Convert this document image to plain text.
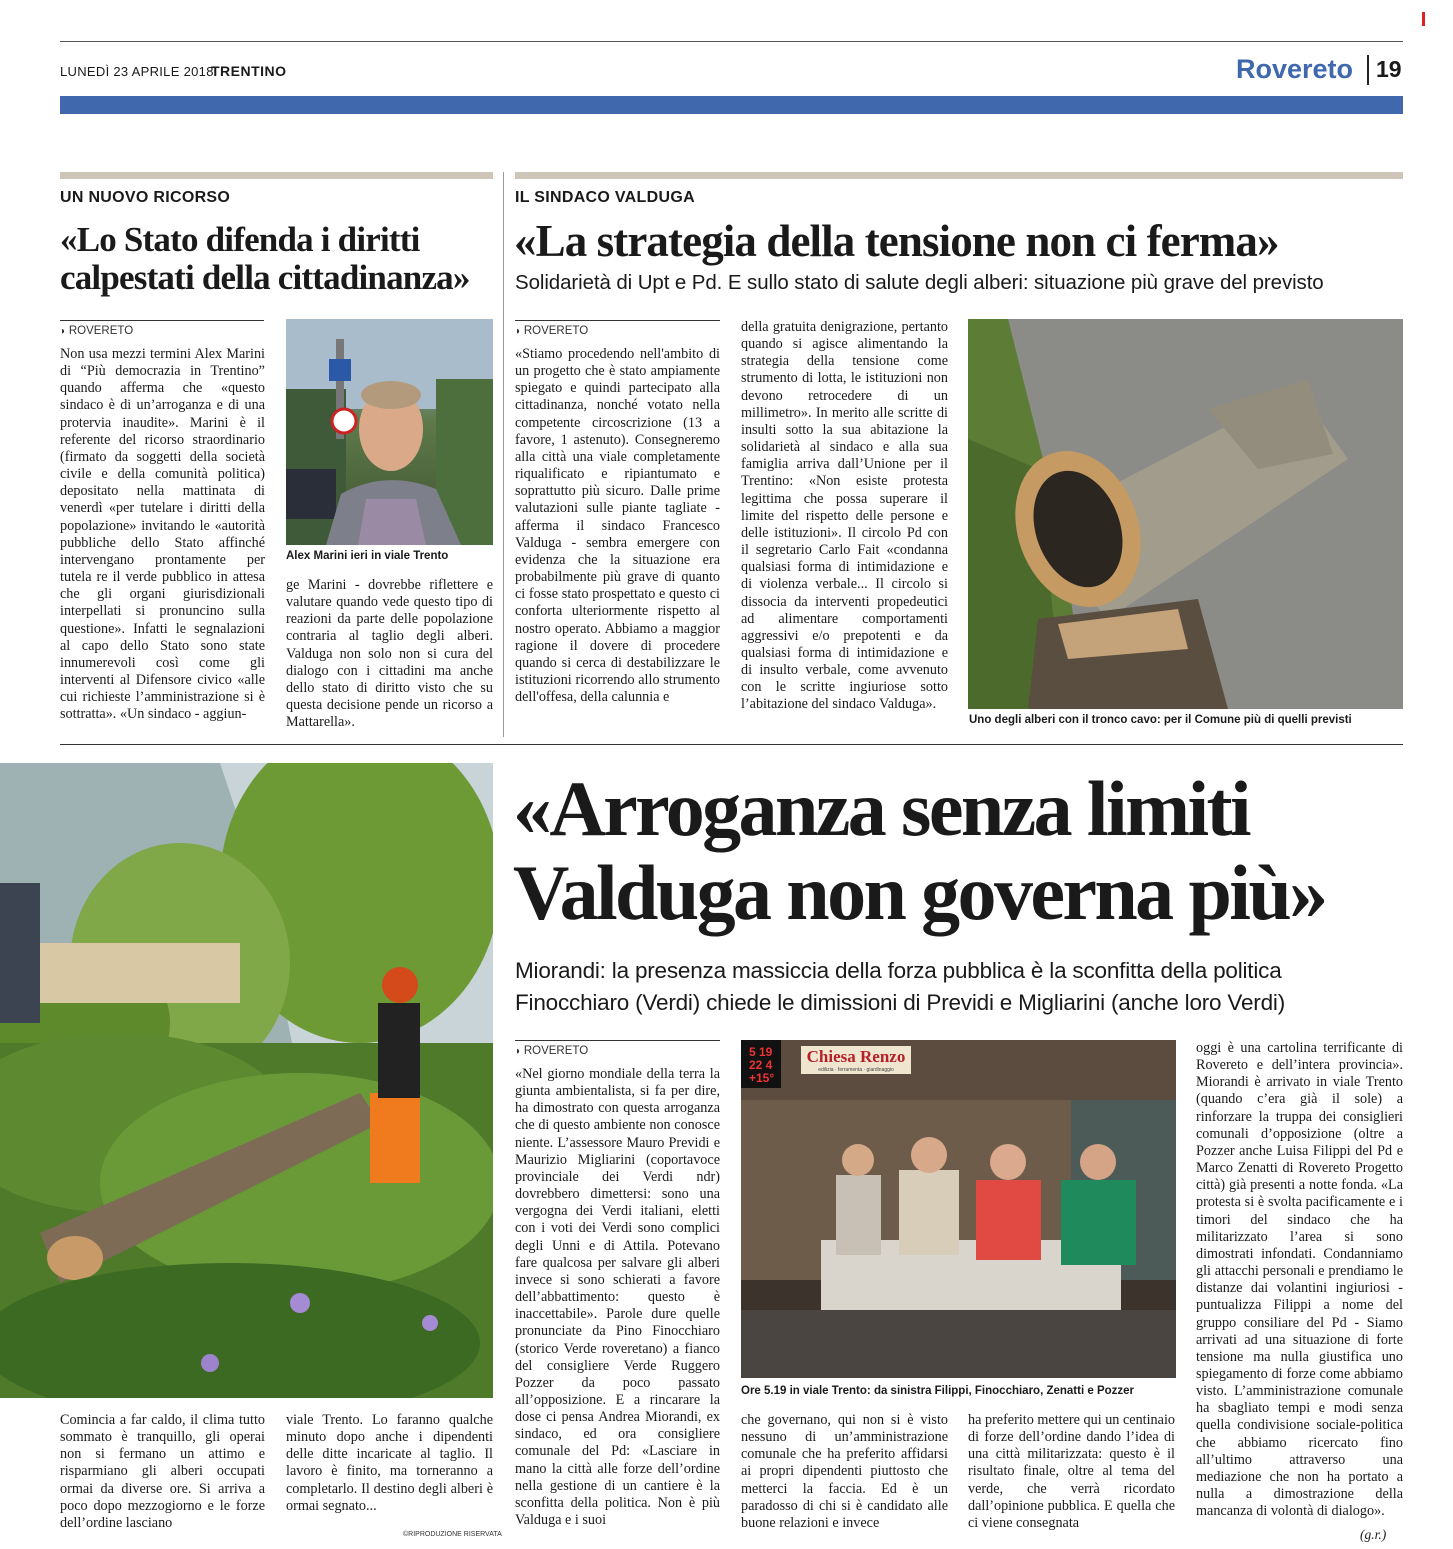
LUNEDÌ 23 APRILE 2018
TRENTINO	Rovereto 19
UN NUOVO RICORSO
«Lo Stato difenda i diritti
calpestati della cittadinanza»
◗ ROVERETO
Non usa mezzi termini Alex Marini di “Più democrazia in Trentino” quando afferma che «questo sindaco è di un’arroganza e di una protervia inaudite». Marini è il referente del ricorso straordinario (firmato da soggetti della società civile e della comunità politica) depositato nella mattinata di venerdì «per tutelare i diritti della popolazione» invitando le «autorità pubbliche dello Stato affinché intervengano prontamente per tutela re il verde pubblico in attesa che gli organi giurisdizionali interpellati si pronuncino sulla questione». Infatti le segnalazioni al capo dello Stato sono state innumerevoli così come gli interventi al Difensore civico «alle cui richieste l’amministrazione si è sottratta». «Un sindaco - aggiun-
Alex Marini ieri in viale Trento
ge Marini - dovrebbe riflettere e valutare quando vede questo tipo di reazioni da parte delle popolazione contraria al taglio degli alberi. Valduga non solo non si cura del dialogo con i cittadini ma anche dello stato di diritto visto che su questa decisione pende un ricorso a Mattarella».
IL SINDACO VALDUGA
«La strategia della tensione non ci ferma»
Solidarietà di Upt e Pd. E sullo stato di salute degli alberi: situazione più grave del previsto
◗ ROVERETO
«Stiamo procedendo nell'ambito di un progetto che è stato ampiamente spiegato e quindi partecipato alla cittadinanza, nonché votato nella competente circoscrizione (13 a favore, 1 astenuto). Consegneremo alla città una viale completamente riqualificato e ripiantumato e soprattutto più sicuro. Dalle prime valutazioni sulle piante tagliate - afferma il sindaco Francesco Valduga - sembra emergere con evidenza che la situazione era probabilmente più grave di quanto ci fosse stato prospettato e questo ci conforta ulteriormente rispetto al nostro operato. Abbiamo a maggior ragione il dovere di procedere quando si cerca di destabilizzare le istituzioni ricorrendo allo strumento dell'offesa, della calunnia e
della gratuita denigrazione, pertanto quando si agisce alimentando la strategia della tensione come strumento di lotta, le istituzioni non devono retrocedere di un millimetro». In merito alle scritte di insulti sotto la sua abitazione la solidarietà al sindaco e alla sua famiglia arriva dall’Unione per il Trentino: «Non esiste protesta legittima che possa superare il limite del rispetto delle persone e delle istituzioni». Il circolo Pd con il segretario Carlo Fait «condanna qualsiasi forma di intimidazione e di violenza verbale... Il circolo si dissocia da interventi propedeutici ad alimentare comportamenti aggressivi e/o prepotenti e da qualsiasi forma di intimidazione e di insulto verbale, come avvenuto con le scritte ingiuriose sotto l’abitazione del sindaco Valduga».
Uno degli alberi con il tronco cavo: per il Comune più di quelli previsti
«Arroganza senza limiti
Valduga non governa più»
Miorandi: la presenza massiccia della forza pubblica è la sconfitta della politica
Finocchiaro (Verdi) chiede le dimissioni di Previdi e Migliarini (anche loro Verdi)
◗ ROVERETO
«Nel giorno mondiale della terra la giunta ambientalista, si fa per dire, ha dimostrato con questa arroganza che di questo ambiente non conosce niente. L’assessore Mauro Previdi e Maurizio Migliarini (coportavoce provinciale dei Verdi ndr) dovrebbero dimettersi: sono una vergogna dei Verdi italiani, eletti con i voti dei Verdi sono complici degli Unni e di Attila. Potevano fare qualcosa per salvare gli alberi invece si sono schierati a favore dell’abbattimento: questo è inaccettabile». Parole dure quelle pronunciate da Pino Finocchiaro (storico Verde roveretano) a fianco del consigliere Verde Ruggero Pozzer da poco passato all’opposizione. E a rincarare la dose ci pensa Andrea Miorandi, ex sindaco, ed ora consigliere comunale del Pd: «Lasciare in mano la città alle forze dell’ordine nella gestione di un cantiere è la sconfitta della politica. Non è più Valduga e i suoi
5 19
22 4
+15°
Chiesa Renzo
edilizia · ferramenta · giardinaggio
Ore 5.19 in viale Trento: da sinistra Filippi, Finocchiaro, Zenatti e Pozzer
che governano, qui non si è visto nessuno di un’amministrazione comunale che ha preferito affidarsi ai propri dipendenti piuttosto che metterci la faccia. Ed è un paradosso di chi si è candidato alle buone relazioni e invece
ha preferito mettere qui un centinaio di forze dell’ordine dando l’idea di una città militarizzata: questo è il risultato finale, oltre al tema del verde, che verrà ricordato dall’opinione pubblica. E quella che ci viene consegnata
oggi è una cartolina terrificante di Rovereto e dell’intera provincia». Miorandi è arrivato in viale Trento (quando c’era già il sole) a rinforzare la truppa dei consiglieri comunali d’opposizione (oltre a Pozzer anche Luisa Filippi del Pd e Marco Zenatti di Rovereto Progetto città) già presenti a notte fonda. «La protesta si è svolta pacificamente e i timori del sindaco che ha militarizzato l’area si sono dimostrati infondati. Condanniamo gli attacchi personali e prendiamo le distanze dai volantini ingiuriosi - puntualizza Filippi a nome del gruppo consiliare del Pd - Siamo arrivati ad una situazione di forte tensione ma nulla giustifica uno spiegamento di forze come abbiamo visto. L’amministrazione comunale ha sbagliato tempi e modi senza quella condivisione sociale-politica che abbiamo ricercato fino all’ultimo attraverso una mediazione che non ha portato a nulla a dimostrazione della mancanza di volontà di dialogo».
(g.r.)
Comincia a far caldo, il clima tutto sommato è tranquillo, gli operai non si fermano un attimo e risparmiano gli alberi occupati ormai da diverse ore. Si arriva a poco dopo mezzogiorno e le forze dell’ordine lasciano
viale Trento. Lo faranno qualche minuto dopo anche i dipendenti delle ditte incaricate al taglio. Il lavoro è finito, ma torneranno a completarlo. Il destino degli alberi è ormai segnato...
©RIPRODUZIONE RISERVATA
